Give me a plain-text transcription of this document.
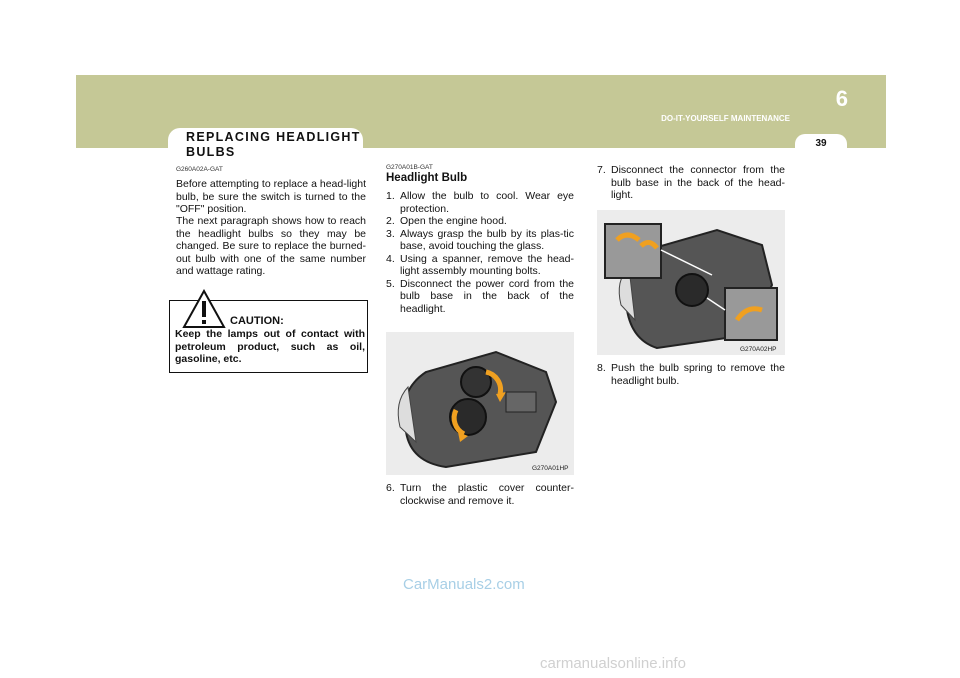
6
DO-IT-YOURSELF MAINTENANCE
39
REPLACING HEADLIGHT BULBS
G260A02A-GAT
Before attempting to replace a head-light bulb, be sure the switch is turned to the "OFF" position.
The next paragraph shows how to reach the headlight bulbs so they may be changed. Be sure to replace the burned-out bulb with one of the same number and wattage rating.
CAUTION:
Keep the lamps out of contact with petroleum product, such as oil, gasoline, etc.
G270A01B-GAT
Headlight Bulb
1. Allow the bulb to cool. Wear eye protection.
2. Open the engine hood.
3. Always grasp the bulb by its plas-tic base, avoid touching the glass.
4. Using a spanner, remove the head-light assembly mounting bolts.
5. Disconnect the power cord from the bulb base in the back of the headlight.
G270A01HP
6. Turn the plastic cover counter-clockwise and remove it.
7. Disconnect the connector from the bulb base in the back of the head-light.
G270A02HP
8. Push the bulb spring to remove the headlight bulb.
CarManuals2.com
carmanualsonline.info
